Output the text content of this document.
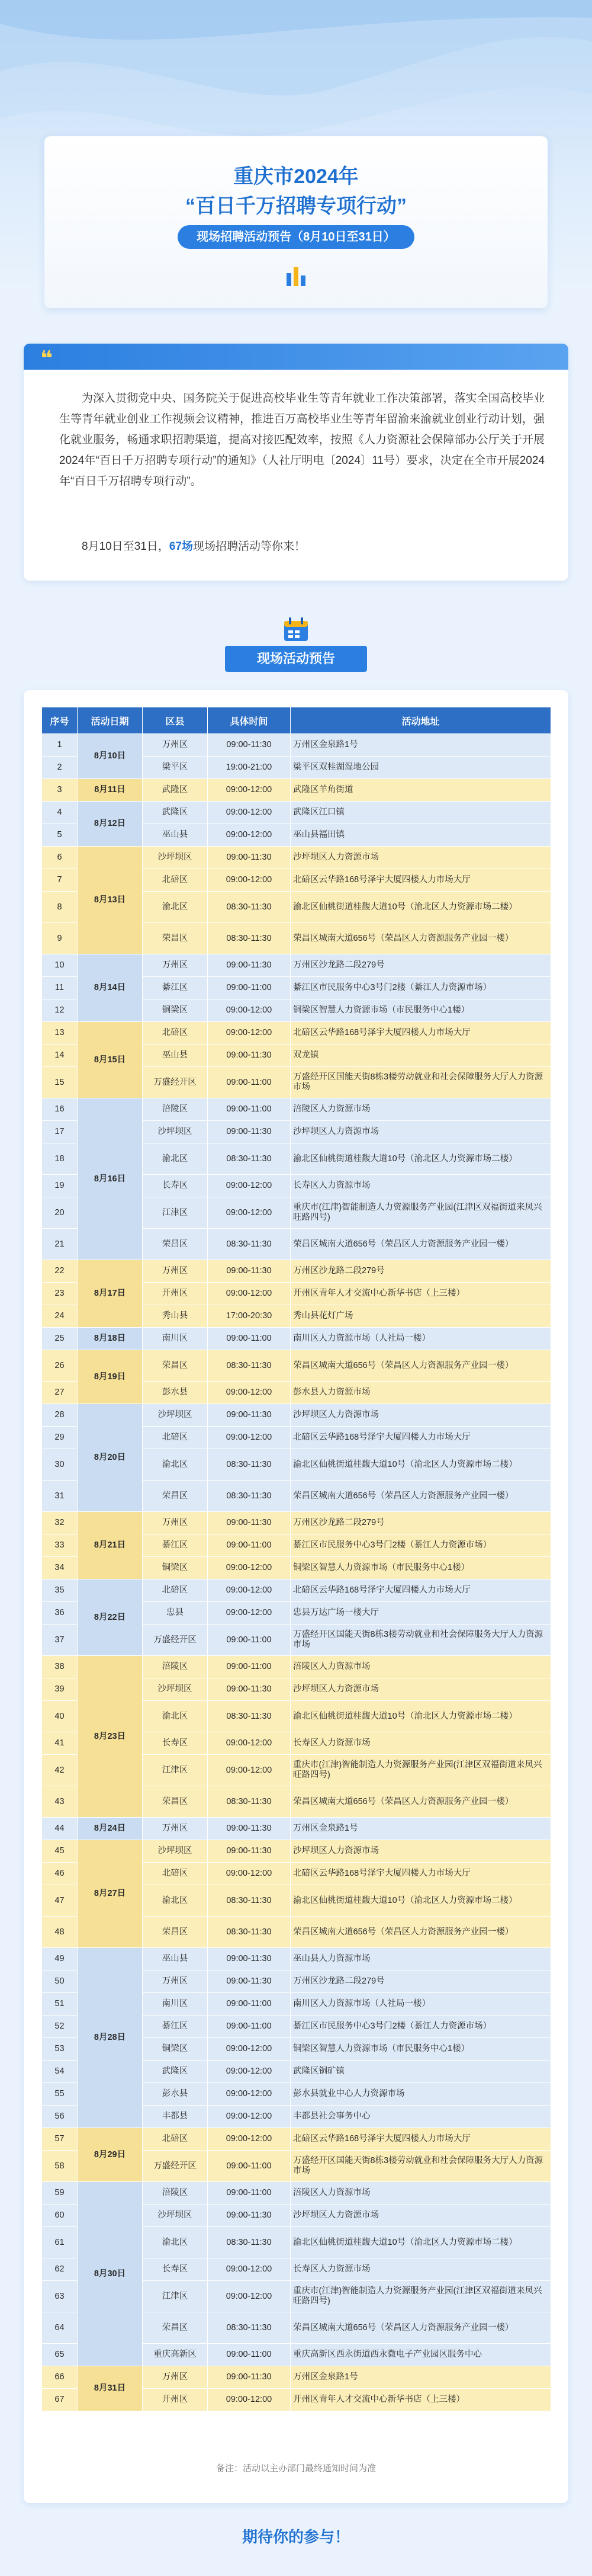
重庆市2024年
“百日千万招聘专项行动”
现场招聘活动预告（8月10日至31日）
❝
为深入贯彻党中央、国务院关于促进高校毕业生等青年就业工作决策部署，落实全国高校毕业生等青年就业创业工作视频会议精神，推进百万高校毕业生等青年留渝来渝就业创业行动计划，强化就业服务，畅通求职招聘渠道，提高对接匹配效率，按照《人力资源社会保障部办公厅关于开展2024年“百日千万招聘专项行动”的通知》（人社厅明电〔2024〕11号）要求，决定在全市开展2024年“百日千万招聘专项行动”。
8月10日至31日，67场现场招聘活动等你来！
现场活动预告
序号	活动日期	区县	具体时间	活动地址
1	8月10日	万州区	09:00-11:30	万州区金泉路1号
2		梁平区	19:00-21:00	梁平区双桂湖湿地公园
3	8月11日	武隆区	09:00-12:00	武隆区羊角街道
4	8月12日	武隆区	09:00-12:00	武隆区江口镇
5		巫山县	09:00-12:00	巫山县福田镇
6	8月13日	沙坪坝区	09:00-11:30	沙坪坝区人力资源市场
7		北碚区	09:00-12:00	北碚区云华路168号泽宇大厦四楼人力市场大厅
8		渝北区	08:30-11:30	渝北区仙桃街道桂馥大道10号（渝北区人力资源市场二楼）
9		荣昌区	08:30-11:30	荣昌区城南大道656号（荣昌区人力资源服务产业园一楼）
10	8月14日	万州区	09:00-11:30	万州区沙龙路二段279号
11		綦江区	09:00-11:00	綦江区市民服务中心3号门2楼（綦江人力资源市场）
12		铜梁区	09:00-12:00	铜梁区智慧人力资源市场（市民服务中心1楼）
13	8月15日	北碚区	09:00-12:00	北碚区云华路168号泽宇大厦四楼人力市场大厅
14		巫山县	09:00-11:30	双龙镇
15		万盛经开区	09:00-11:00	万盛经开区国能天街8栋3楼劳动就业和社会保障服务大厅人力资源市场
16	8月16日	涪陵区	09:00-11:00	涪陵区人力资源市场
17		沙坪坝区	09:00-11:30	沙坪坝区人力资源市场
18		渝北区	08:30-11:30	渝北区仙桃街道桂馥大道10号（渝北区人力资源市场二楼）
19		长寿区	09:00-12:00	长寿区人力资源市场
20		江津区	09:00-12:00	重庆市(江津)智能制造人力资源服务产业园(江津区双福街道来凤兴旺路四号)
21		荣昌区	08:30-11:30	荣昌区城南大道656号（荣昌区人力资源服务产业园一楼）
22	8月17日	万州区	09:00-11:30	万州区沙龙路二段279号
23		开州区	09:00-12:00	开州区青年人才交流中心新华书店（上三楼）
24		秀山县	17:00-20:30	秀山县花灯广场
25	8月18日	南川区	09:00-11:00	南川区人力资源市场（人社局一楼）
26	8月19日	荣昌区	08:30-11:30	荣昌区城南大道656号（荣昌区人力资源服务产业园一楼）
27		彭水县	09:00-12:00	彭水县人力资源市场
28	8月20日	沙坪坝区	09:00-11:30	沙坪坝区人力资源市场
29		北碚区	09:00-12:00	北碚区云华路168号泽宇大厦四楼人力市场大厅
30		渝北区	08:30-11:30	渝北区仙桃街道桂馥大道10号（渝北区人力资源市场二楼）
31		荣昌区	08:30-11:30	荣昌区城南大道656号（荣昌区人力资源服务产业园一楼）
32	8月21日	万州区	09:00-11:30	万州区沙龙路二段279号
33		綦江区	09:00-11:00	綦江区市民服务中心3号门2楼（綦江人力资源市场）
34		铜梁区	09:00-12:00	铜梁区智慧人力资源市场（市民服务中心1楼）
35	8月22日	北碚区	09:00-12:00	北碚区云华路168号泽宇大厦四楼人力市场大厅
36		忠县	09:00-12:00	忠县万达广场一楼大厅
37		万盛经开区	09:00-11:00	万盛经开区国能天街8栋3楼劳动就业和社会保障服务大厅人力资源市场
38	8月23日	涪陵区	09:00-11:00	涪陵区人力资源市场
39		沙坪坝区	09:00-11:30	沙坪坝区人力资源市场
40		渝北区	08:30-11:30	渝北区仙桃街道桂馥大道10号（渝北区人力资源市场二楼）
41		长寿区	09:00-12:00	长寿区人力资源市场
42		江津区	09:00-12:00	重庆市(江津)智能制造人力资源服务产业园(江津区双福街道来凤兴旺路四号)
43		荣昌区	08:30-11:30	荣昌区城南大道656号（荣昌区人力资源服务产业园一楼）
44	8月24日	万州区	09:00-11:30	万州区金泉路1号
45	8月27日	沙坪坝区	09:00-11:30	沙坪坝区人力资源市场
46		北碚区	09:00-12:00	北碚区云华路168号泽宇大厦四楼人力市场大厅
47		渝北区	08:30-11:30	渝北区仙桃街道桂馥大道10号（渝北区人力资源市场二楼）
48		荣昌区	08:30-11:30	荣昌区城南大道656号（荣昌区人力资源服务产业园一楼）
49	8月28日	巫山县	09:00-11:30	巫山县人力资源市场
50		万州区	09:00-11:30	万州区沙龙路二段279号
51		南川区	09:00-11:00	南川区人力资源市场（人社局一楼）
52		綦江区	09:00-11:00	綦江区市民服务中心3号门2楼（綦江人力资源市场）
53		铜梁区	09:00-12:00	铜梁区智慧人力资源市场（市民服务中心1楼）
54		武隆区	09:00-12:00	武隆区铜矿镇
55		彭水县	09:00-12:00	彭水县就业中心人力资源市场
56		丰都县	09:00-12:00	丰都县社会事务中心
57	8月29日	北碚区	09:00-12:00	北碚区云华路168号泽宇大厦四楼人力市场大厅
58		万盛经开区	09:00-11:00	万盛经开区国能天街8栋3楼劳动就业和社会保障服务大厅人力资源市场
59	8月30日	涪陵区	09:00-11:00	涪陵区人力资源市场
60		沙坪坝区	09:00-11:30	沙坪坝区人力资源市场
61		渝北区	08:30-11:30	渝北区仙桃街道桂馥大道10号（渝北区人力资源市场二楼）
62		长寿区	09:00-12:00	长寿区人力资源市场
63		江津区	09:00-12:00	重庆市(江津)智能制造人力资源服务产业园(江津区双福街道来凤兴旺路四号)
64		荣昌区	08:30-11:30	荣昌区城南大道656号（荣昌区人力资源服务产业园一楼）
65		重庆高新区	09:00-11:00	重庆高新区西永街道西永微电子产业园区服务中心
66	8月31日	万州区	09:00-11:30	万州区金泉路1号
67		开州区	09:00-12:00	开州区青年人才交流中心新华书店（上三楼）
备注：活动以主办部门最终通知时间为准
期待你的参与！
